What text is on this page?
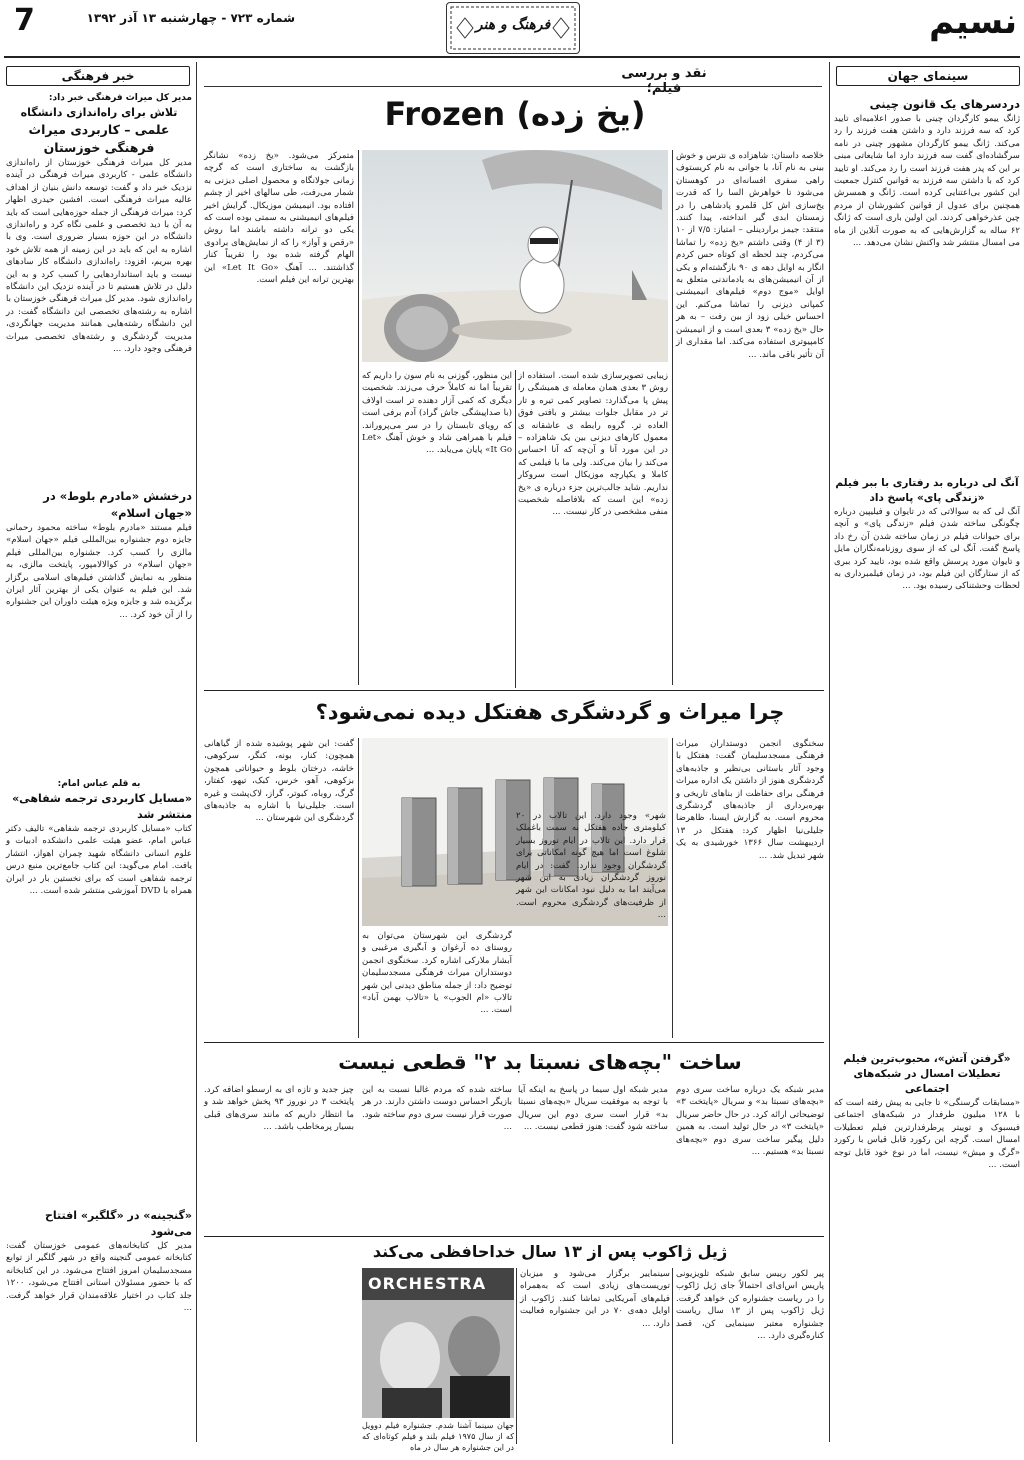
7	شماره ۷۲۳ - چهارشنبه ۱۳ آذر ۱۳۹۲	فرهنگ و هنر	نسیم
خبر فرهنگی
مدیر کل میراث فرهنگی خبر داد:
تلاش برای راه‌اندازی دانشگاه
علمی – کاربردی میراث فرهنگی خوزستان
مدیر کل میراث فرهنگی خوزستان از راه‌اندازی دانشگاه علمی - کاربردی میراث فرهنگی در آینده نزدیک خبر داد و گفت: توسعه دانش بنیان از اهداف عالیه میراث فرهنگی است. افشین حیدری اظهار کرد: میراث فرهنگی از جمله حوزه‌هایی است که باید به آن با دید تخصصی و علمی نگاه کرد و راه‌اندازی دانشگاه در این حوزه بسیار ضروری است. وی با اشاره به این که باید در این زمینه از همه تلاش خود بهره ببریم، افزود: راه‌اندازی دانشگاه کار سادهای نیست و باید استانداردهایی را کسب کرد و به این دلیل در تلاش هستیم تا در آینده نزدیک این دانشگاه راه‌اندازی شود. مدیر کل میراث فرهنگی خوزستان با اشاره به رشته‌های تخصصی این دانشگاه گفت: در این دانشگاه رشته‌هایی همانند مدیریت جهانگردی، مدیریت گردشگری و رشته‌های تخصصی میراث فرهنگی وجود دارد. ...
درخشش «مادرم بلوط» در «جهان اسلام»
فیلم مستند «مادرم بلوط» ساخته محمود رحمانی جایزه دوم جشنواره بین‌المللی فیلم «جهان اسلام» مالزی را کسب کرد. جشنواره بین‌المللی فیلم «جهان اسلام» در کوالالامپور، پایتخت مالزی، به منظور به نمایش گذاشتن فیلم‌های اسلامی برگزار شد. این فیلم به عنوان یکی از بهترین آثار ایران برگزیده شد و جایزه ویژه هیئت داوران این جشنواره را از آن خود کرد. ...
به قلم عباس امام:
«مسایل کاربردی ترجمه شفاهی» منتشر شد
کتاب «مسایل کاربردی ترجمه شفاهی» تالیف دکتر عباس امام، عضو هیئت علمی دانشکده ادبیات و علوم انسانی دانشگاه شهید چمران اهواز، انتشار یافت. امام می‌گوید: این کتاب جامع‌ترین منبع درس ترجمه شفاهی است که برای نخستین بار در ایران همراه با DVD آموزشی منتشر شده است. ...
«گنجینه» در «گلگیر» افتتاح می‌شود
مدیر کل کتابخانه‌های عمومی خوزستان گفت: کتابخانه عمومی گنجینه واقع در شهر گلگیر از توابع مسجدسلیمان امروز افتتاح می‌شود. در این کتابخانه که با حضور مسئولان استانی افتتاح می‌شود، ۱۲۰۰ جلد کتاب در اختیار علاقه‌مندان قرار خواهد گرفت. ...
سینمای جهان
دردسرهای یک قانون چینی
ژانگ ییمو کارگردان چینی با صدور اعلامیه‌ای تایید کرد که سه فرزند دارد و داشتن هفت فرزند را رد می‌کند. ژانگ ییمو کارگردان مشهور چینی در نامه سرگشاده‌ای گفت سه فرزند دارد اما شایعاتی مبنی بر این که پدر هفت فرزند است را رد می‌کند. او تایید کرد که با داشتن سه فرزند به قوانین کنترل جمعیت این کشور بی‌اعتنایی کرده است. ژانگ و همسرش همچنین برای عدول از قوانین کشورشان از مردم چین عذرخواهی کردند. این اولین باری است که ژانگ ۶۲ ساله به گزارش‌هایی که به صورت آنلاین از ماه می امسال منتشر شد واکنش نشان می‌دهد. ...
آنگ لی درباره بد رفتاری با ببر فیلم «زندگی پای» پاسخ داد
آنگ لی که به سوالاتی که در تایوان و فیلیپین درباره چگونگی ساخته شدن فیلم «زندگی پای» و آنچه برای حیوانات فیلم در زمان ساخته شدن آن رخ داد پاسخ گفت. آنگ لی که از سوی روزنامه‌نگاران مایل و تایوان مورد پرسش واقع شده بود، تایید کرد ببری که از ستارگان این فیلم بود، در زمان فیلمبرداری به لحظات وحشتناکی رسیده بود. ...
«گرفتن آتش»، محبوب‌ترین فیلم تعطیلات امسال در شبکه‌های اجتماعی
«مسابقات گرسنگی» تا جایی به پیش رفته است که با ۱۲۸ میلیون طرفدار در شبکه‌های اجتماعی فیسبوک و توییتر پرطرفدارترین فیلم تعطیلات امسال است. گرچه این رکورد قابل قیاس با رکورد «گرگ و میش» نیست، اما در نوع خود قابل توجه است. ...
نقد و بررسی فیلم؛
Frozen (یخ زده)
خلاصه داستان: شاهزاده ی نترس و خوش بینی به نام آنا، با جوانی به نام کریستوف راهی سفری افسانه‌ای در کوهستان می‌شود تا خواهرش السا را که قدرت یخ‌سازی اش کل قلمرو پادشاهی را در زمستان ابدی گیر انداخته، پیدا کنند. منتقد: جیمز براردینلی – امتیاز: ۷/۵ از ۱۰ (۳ از ۴) وقتی داشتم «یخ زده» را تماشا می‌کردم، چند لحظه ای کوتاه حس کردم انگار به اوایل دهه ی ۹۰ بازگشته‌ام و یکی از آن انیمیشن‌های به یادماندنی متعلق به اوایل «موج دوم» فیلم‌های انیمیشنی کمپانی دیزنی را تماشا می‌کنم. این احساس خیلی زود از بین رفت – به هر حال «یخ زده» ۳ بعدی است و از انیمیشن کامپیوتری استفاده می‌کند. اما مقداری از آن تأثیر باقی ماند. ...
زیبایی تصویرسازی شده است. استفاده از روش ۳ بعدی همان معامله ی همیشگی را پیش پا می‌گذارد: تصاویر کمی تیره و تار تر در مقابل جلوات بیشتر و بافتی فوق العاده تر. گروه رابطه ی عاشقانه ی معمول کارهای دیزنی بین یک شاهزاده – در این مورد آنا و آن‌چه که آنا احساس می‌کند را بیان می‌کند. ولی ما با فیلمی که کاملا و یکپارچه موزیکال است سروکار نداریم. شاید جالب‌ترین جزء درباره ی «یخ زده» این است که بلافاصله شخصیت منفی مشخصی در کار نیست. ...
این منظور، گوزنی به نام سون را داریم که تقریباً اما نه کاملاً حرف می‌زند. شخصیت دیگری که کمی آزار دهنده تر است اولاف (با صداپیشگی جاش گراد) آدم برفی است که رویای تابستان را در سر می‌پروراند. فیلم با همراهی شاد و خوش آهنگ «Let It Go» پایان می‌یابد. ...
متمرکز می‌شود. «یخ زده» نشانگر بازگشت به ساختاری است که گرچه زمانی جولانگاه و محصول اصلی دیزنی به شمار می‌رفت، طی سالهای اخیر از چشم افتاده بود. انیمیشن موزیکال. گرایش اخیر فیلم‌های انیمیشنی به سمتی بوده است که یکی دو ترانه داشته باشند اما روش «رقص و آواز» را که از نمایش‌های برادوی الهام گرفته شده بود را تقریباً کنار گذاشتند. ... آهنگ «Let It Go» این بهترین ترانه این فیلم است.
چرا میراث و گردشگری هفتکل دیده نمی‌شود؟
سخنگوی انجمن دوستداران میراث فرهنگی مسجدسلیمان گفت: هفتکل با وجود آثار باستانی بی‌نظیر و جاذبه‌های گردشگری هنوز از داشتن یک اداره میراث فرهنگی برای حفاظت از بناهای تاریخی و بهره‌برداری از جاذبه‌های گردشگری محروم است. به گزارش ایسنا، ظاهرضا جلیلی‌نیا اظهار کرد: هفتکل در ۱۳ اردیبهشت سال ۱۳۶۶ خورشیدی به یک شهر تبدیل شد. ...
شهر» وجود دارد. این تالاب در ۲۰ کیلومتری جاده هفتکل به سمت باغملک قرار دارد. این تالاب در ایام نوروز بسیار شلوغ است اما هیچ گونه امکاناتی برای گردشگران وجود ندارد. گفت: در ایام نوروز گردشگران زیادی به این شهر می‌آیند اما به دلیل نبود امکانات این شهر از ظرفیت‌های گردشگری محروم است. ...
گردشگری این شهرستان می‌توان به روستای ده آرغوان و آبگیری مرغیبی و آبشار ملارکی اشاره کرد. سخنگوی انجمن دوستداران میراث فرهنگی مسجدسلیمان توضیح داد: از جمله مناطق دیدنی این شهر تالاب «ام الجوب» یا «تالاب بهمن آباد» است. ...
گفت: این شهر پوشیده شده از گیاهانی همچون: کنار، بونه، کنگر، سرکوهی، خاشه، درختان بلوط و حیواناتی همچون بزکوهی، آهو، خرس، کبک، تیهو، کفتار، گرگ، روباه، کبوتر، گراز، لاک‌پشت و غیره است. جلیلی‌نیا با اشاره به جاذبه‌های گردشگری این شهرستان ...
ساخت "بچه‌های نسبتا بد ۲" قطعی نیست
مدیر شبکه یک درباره ساخت سری دوم «بچه‌های نسبتا بد» و سریال «پایتخت ۳» توضیحاتی ارائه کرد. در حال حاضر سریال «پایتخت ۳» در حال تولید است. به همین دلیل پیگیر ساخت سری دوم «بچه‌های نسبتا بد» هستیم. ...
مدیر شبکه اول سیما در پاسخ به اینکه آیا با توجه به موفقیت سریال «بچه‌های نسبتا بد» قرار است سری دوم این سریال ساخته شود گفت: هنوز قطعی نیست. ...
ساخته شده که مردم غالبا نسبت به این بازیگر احساس دوست داشتن دارند. در هر صورت قرار نیست سری دوم ساخته شود. ...
چیز جدید و تازه ای به ارسطو اضافه کرد. پایتخت ۳ در نوروز ۹۳ پخش خواهد شد و ما انتظار داریم که مانند سری‌های قبلی بسیار پرمخاطب باشد. ...
ژیل ژاکوب پس از ۱۳ سال خداحافظی می‌کند
پیر لکور رییس سابق شبکه تلویزیونی پاریس اس‌ای‌ای احتمالاً جای ژیل ژاکوب را در ریاست جشنواره کن خواهد گرفت. ژیل ژاکوب پس از ۱۳ سال ریاست جشنواره معتبر سینمایی کن، قصد کناره‌گیری دارد. ...
سینماییر برگزار می‌شود و میزبان توریست‌های زیادی است که به‌همراه فیلم‌های آمریکایی تماشا کنند. ژاکوب از اوایل دهه‌ی ۷۰ در این جشنواره فعالیت دارد. ...
ORCHESTRA
جهان سینما آشنا شدم. جشنواره فیلم دوویل که از سال ۱۹۷۵ فیلم بلند و فیلم کوتاه‌ای که در این جشنواره هر سال در ماه
